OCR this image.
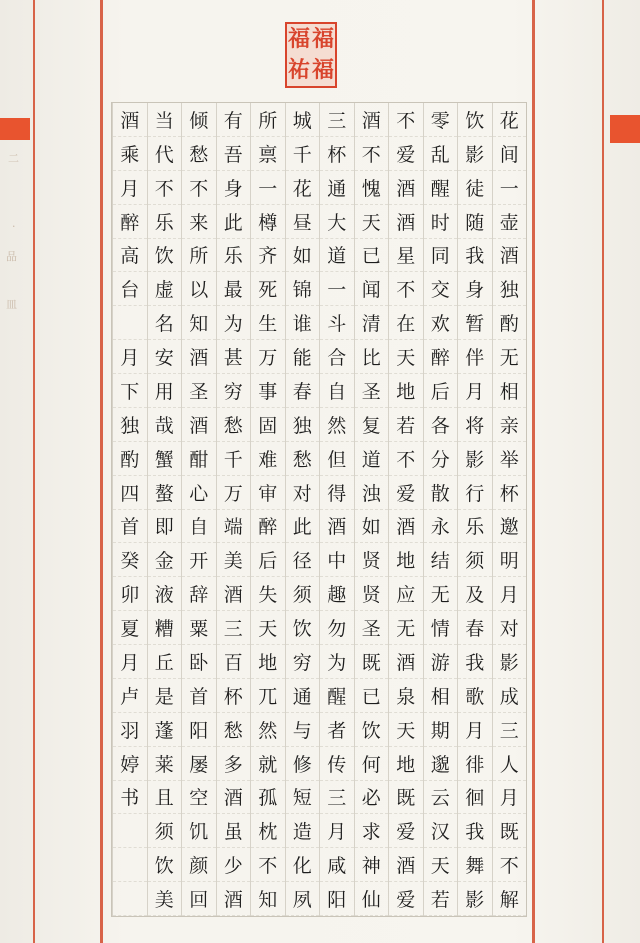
二
·
品
皿
福 福
祐 福
花
间
一
壶
酒
独
酌
无
相
亲
举
杯
邀
明
月
对
影
成
三
人
月
既
不
解
饮
影
徒
随
我
身
暂
伴
月
将
影
行
乐
须
及
春
我
歌
月
徘
徊
我
舞
影
零
乱
醒
时
同
交
欢
醉
后
各
分
散
永
结
无
情
游
相
期
邈
云
汉
天
若
不
爱
酒
酒
星
不
在
天
地
若
不
爱
酒
地
应
无
酒
泉
天
地
既
爱
酒
爱
酒
不
愧
天
已
闻
清
比
圣
复
道
浊
如
贤
贤
圣
既
已
饮
何
必
求
神
仙
三
杯
通
大
道
一
斗
合
自
然
但
得
酒
中
趣
勿
为
醒
者
传
三
月
咸
阳
城
千
花
昼
如
锦
谁
能
春
独
愁
对
此
径
须
饮
穷
通
与
修
短
造
化
夙
所
禀
一
樽
齐
死
生
万
事
固
难
审
醉
后
失
天
地
兀
然
就
孤
枕
不
知
有
吾
身
此
乐
最
为
甚
穷
愁
千
万
端
美
酒
三
百
杯
愁
多
酒
虽
少
酒
倾
愁
不
来
所
以
知
酒
圣
酒
酣
心
自
开
辞
粟
卧
首
阳
屡
空
饥
颜
回
当
代
不
乐
饮
虚
名
安
用
哉
蟹
螯
即
金
液
糟
丘
是
蓬
莱
且
须
饮
美
酒
乘
月
醉
高
台

月
下
独
酌
四
首
癸
卯
夏
月
卢
羽
婷
书
